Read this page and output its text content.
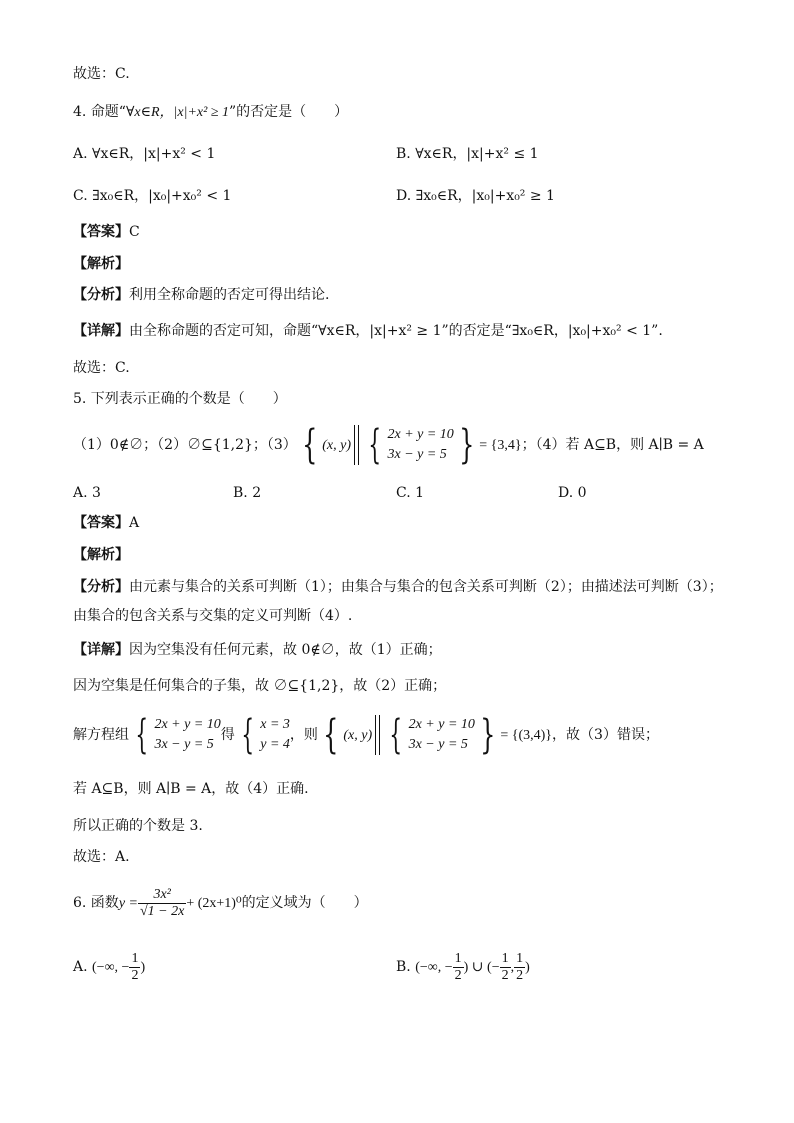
故选：C.
4. 命题“∀x∈R，|x|+x² ≥ 1”的否定是（　　）
A. ∀x∈R，|x|+x² < 1	B. ∀x∈R，|x|+x² ≤ 1
C. ∃x₀∈R，|x₀|+x₀² < 1	D. ∃x₀∈R，|x₀|+x₀² ≥ 1
【答案】C
【解析】
【分析】利用全称命题的否定可得出结论.
【详解】由全称命题的否定可知，命题“∀x∈R，|x|+x² ≥ 1”的否定是“∃x₀∈R，|x₀|+x₀² < 1”.
故选：C.
5. 下列表示正确的个数是（　　）
（1）0∉∅；（2）∅⊆{1,2}；（3） { (x, y) { 2x + y = 10
3x − y = 5 } = {3,4}；（4）若 A⊆B，则 A∣B = A
A. 3	B. 2	C. 1	D. 0
【答案】A
【解析】
【分析】由元素与集合的关系可判断（1）；由集合与集合的包含关系可判断（2）；由描述法可判断（3）；
由集合的包含关系与交集的定义可判断（4）.
【详解】因为空集没有任何元素，故 0∉∅，故（1）正确；
因为空集是任何集合的子集，故 ∅⊆{1,2}，故（2）正确；
解方程组 { 2x + y = 10
3x − y = 5
得 { x = 3
y = 4
，则 { (x, y) { 2x + y = 10
3x − y = 5 } = {(3,4)}，故（3）错误；
若 A⊆B，则 A∣B = A，故（4）正确.
所以正确的个数是 3.
故选：A.
6. 函数$y = \frac{\text{3x²}}{√1 - 2x} + (2x+1)^0$的定义域为（　　）
A. (−∞, − $\frac{1}{2}$ )	B. (−∞, − $\frac{1}{2}$ ) ∪ (− $\frac{1}{2}$ , $\frac{1}{2}$ )
